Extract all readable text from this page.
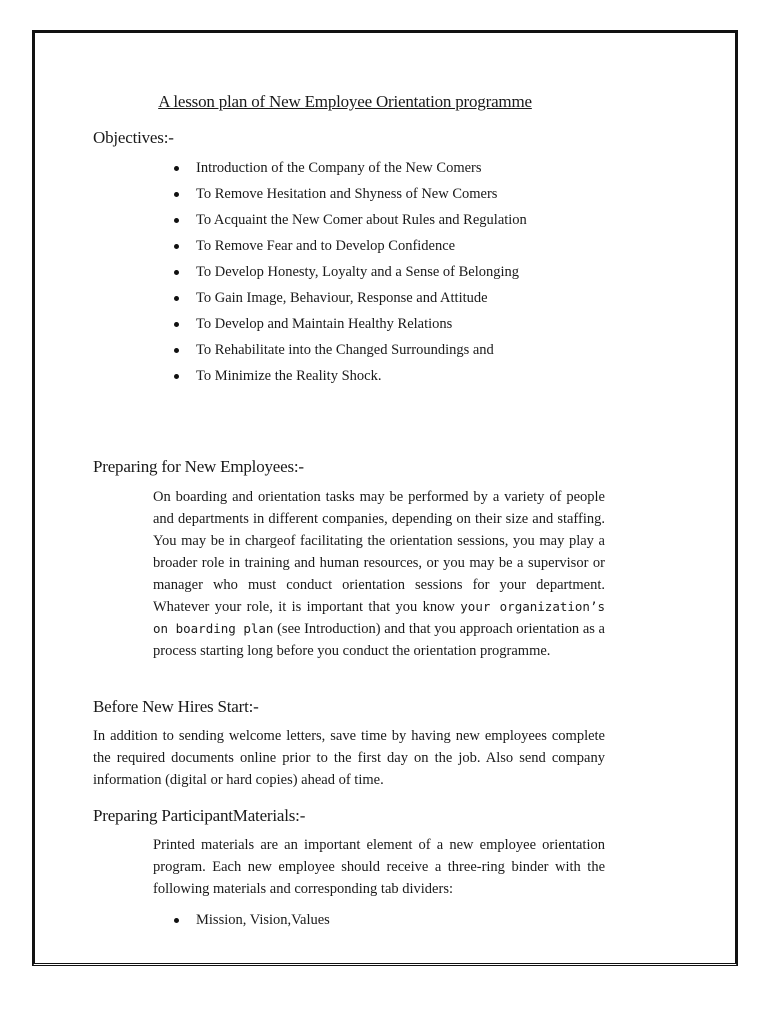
A lesson plan of New Employee Orientation programme
Objectives:-
Introduction of the Company of the New Comers
To Remove Hesitation and Shyness of New Comers
To Acquaint the New Comer about Rules and Regulation
To Remove Fear and to Develop Confidence
To Develop Honesty, Loyalty and a Sense of Belonging
To Gain Image, Behaviour, Response and Attitude
To Develop and Maintain Healthy Relations
To Rehabilitate into the Changed Surroundings and
To Minimize the Reality Shock.
Preparing for New Employees:-

On boarding and orientation tasks may be performed by a variety of people and departments in different companies, depending on their size and staffing. You may be in chargeof facilitating the orientation sessions, you may play a broader role in training and human resources, or you may be a supervisor or manager who must conduct orientation sessions for your department. Whatever your role, it is important that you know your organization’s on boarding plan (see Introduction) and that you approach orientation as a process starting long before you conduct the orientation programme.

Before New Hires Start:-

In addition to sending welcome letters, save time by having new employees complete the required documents online prior to the first day on the job. Also send company information (digital or hard copies) ahead of time.

Preparing ParticipantMaterials:-

Printed materials are an important element of a new employee orientation program. Each new employee should receive a three-ring binder with the following materials and corresponding tab dividers:

Mission, Vision,Values
